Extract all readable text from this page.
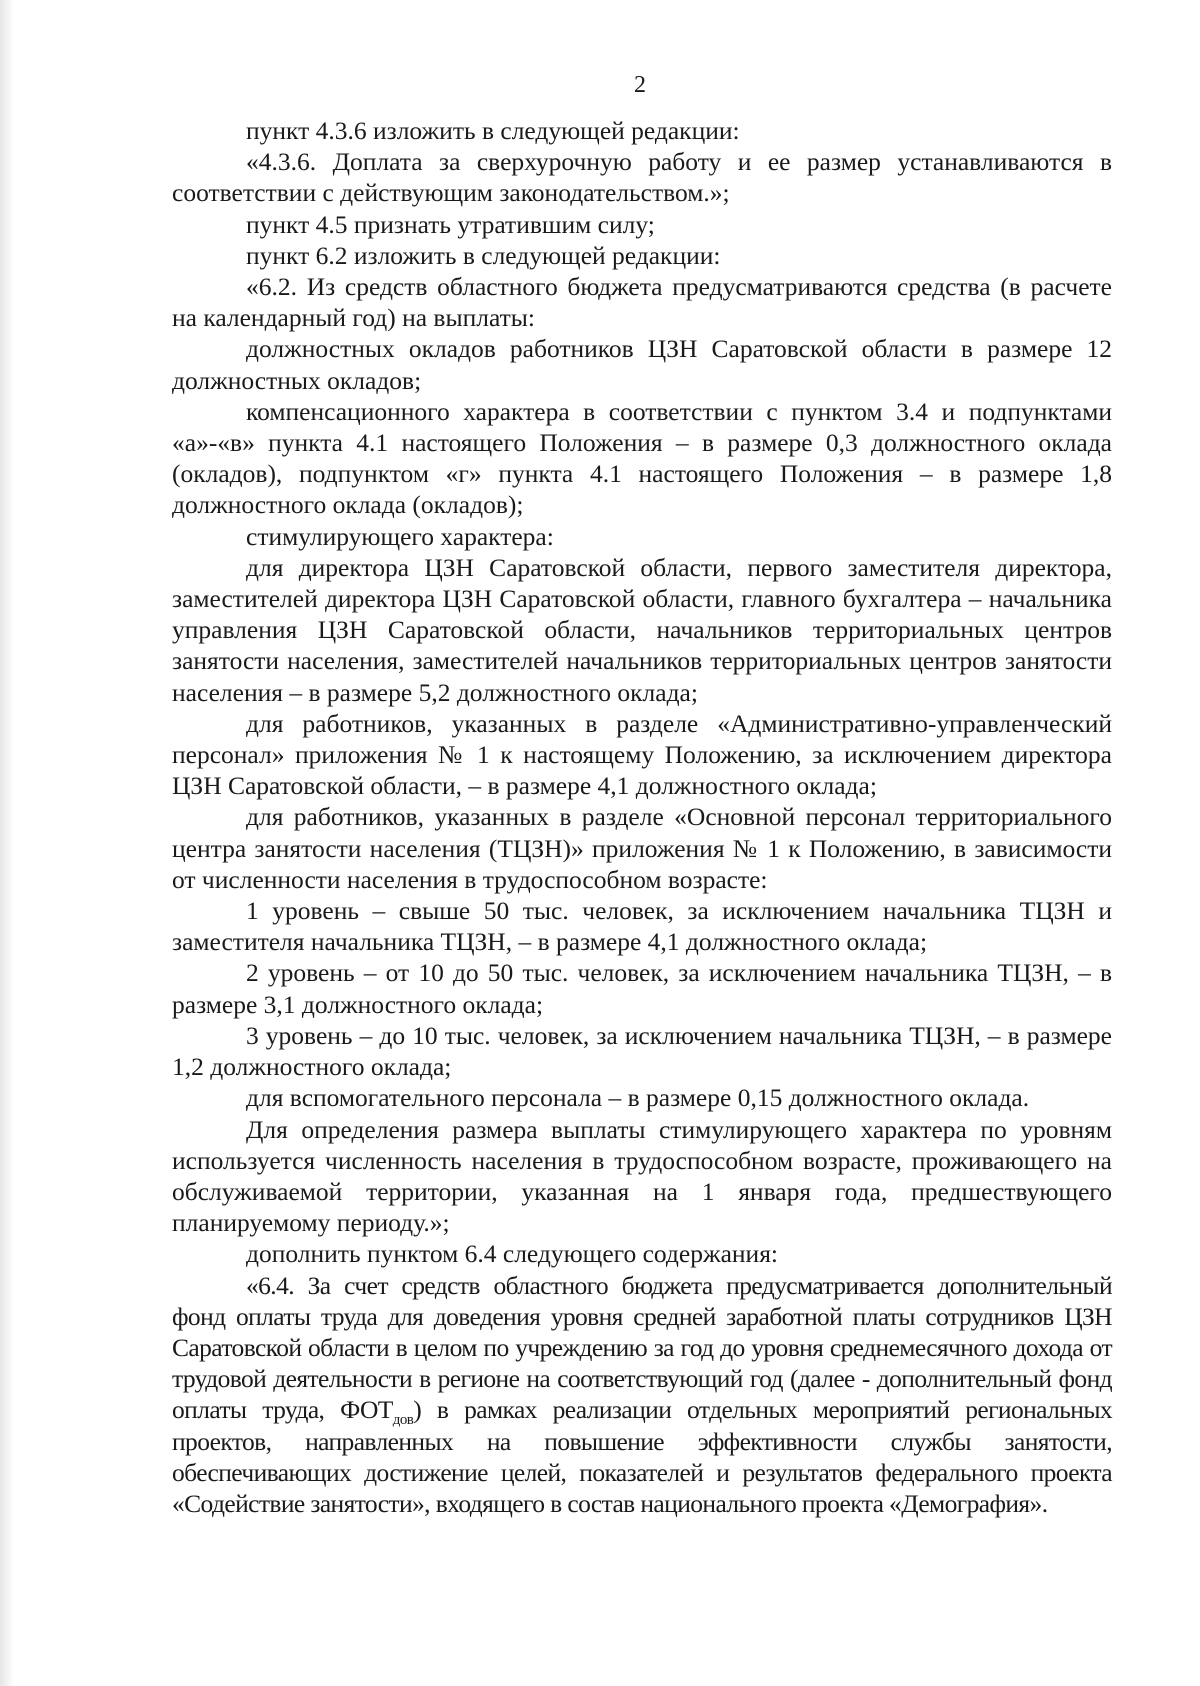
2

пункт 4.3.6 изложить в следующей редакции:

«4.3.6. Доплата за сверхурочную работу и ее размер устанавливаются в соответствии с действующим законодательством.»;

пункт 4.5 признать утратившим силу;

пункт 6.2 изложить в следующей редакции:

«6.2. Из средств областного бюджета предусматриваются средства (в расчете на календарный год) на выплаты:

должностных окладов работников ЦЗН Саратовской области в размере 12 должностных окладов;

компенсационного характера в соответствии с пунктом 3.4 и подпунктами «а»-«в» пункта 4.1 настоящего Положения – в размере 0,3 должностного оклада (окладов), подпунктом «г» пункта 4.1 настоящего Положения – в размере 1,8 должностного оклада (окладов);

стимулирующего характера:

для директора ЦЗН Саратовской области, первого заместителя директора, заместителей директора ЦЗН Саратовской области, главного бухгалтера – начальника управления ЦЗН Саратовской области, начальников территориальных центров занятости населения, заместителей начальников территориальных центров занятости населения – в размере 5,2 должностного оклада;

для работников, указанных в разделе «Административно-управленческий персонал» приложения № 1 к настоящему Положению, за исключением директора ЦЗН Саратовской области, – в размере 4,1 должностного оклада;

для работников, указанных в разделе «Основной персонал территориального центра занятости населения (ТЦЗН)» приложения № 1 к Положению, в зависимости от численности населения в трудоспособном возрасте:

1 уровень – свыше 50 тыс. человек, за исключением начальника ТЦЗН и заместителя начальника ТЦЗН, – в размере 4,1 должностного оклада;

2 уровень – от 10 до 50 тыс. человек, за исключением начальника ТЦЗН, – в размере 3,1 должностного оклада;

3 уровень – до 10 тыс. человек, за исключением начальника ТЦЗН, – в размере 1,2 должностного оклада;

для вспомогательного персонала – в размере 0,15 должностного оклада.

Для определения размера выплаты стимулирующего характера по уровням используется численность населения в трудоспособном возрасте, проживающего на обслуживаемой территории, указанная на 1 января года, предшествующего планируемому периоду.»;

дополнить пунктом 6.4 следующего содержания:

«6.4. За счет средств областного бюджета предусматривается дополнительный фонд оплаты труда для доведения уровня средней заработной платы сотрудников ЦЗН Саратовской области в целом по учреждению за год до уровня среднемесячного дохода от трудовой деятельности в регионе на соответствующий год (далее - дополнительный фонд оплаты труда, $ФОТ_{дов}$) в рамках реализации отдельных мероприятий региональных проектов, направленных на повышение эффективности службы занятости, обеспечивающих достижение целей, показателей и результатов федерального проекта «Содействие занятости», входящего в состав национального проекта «Демография».
